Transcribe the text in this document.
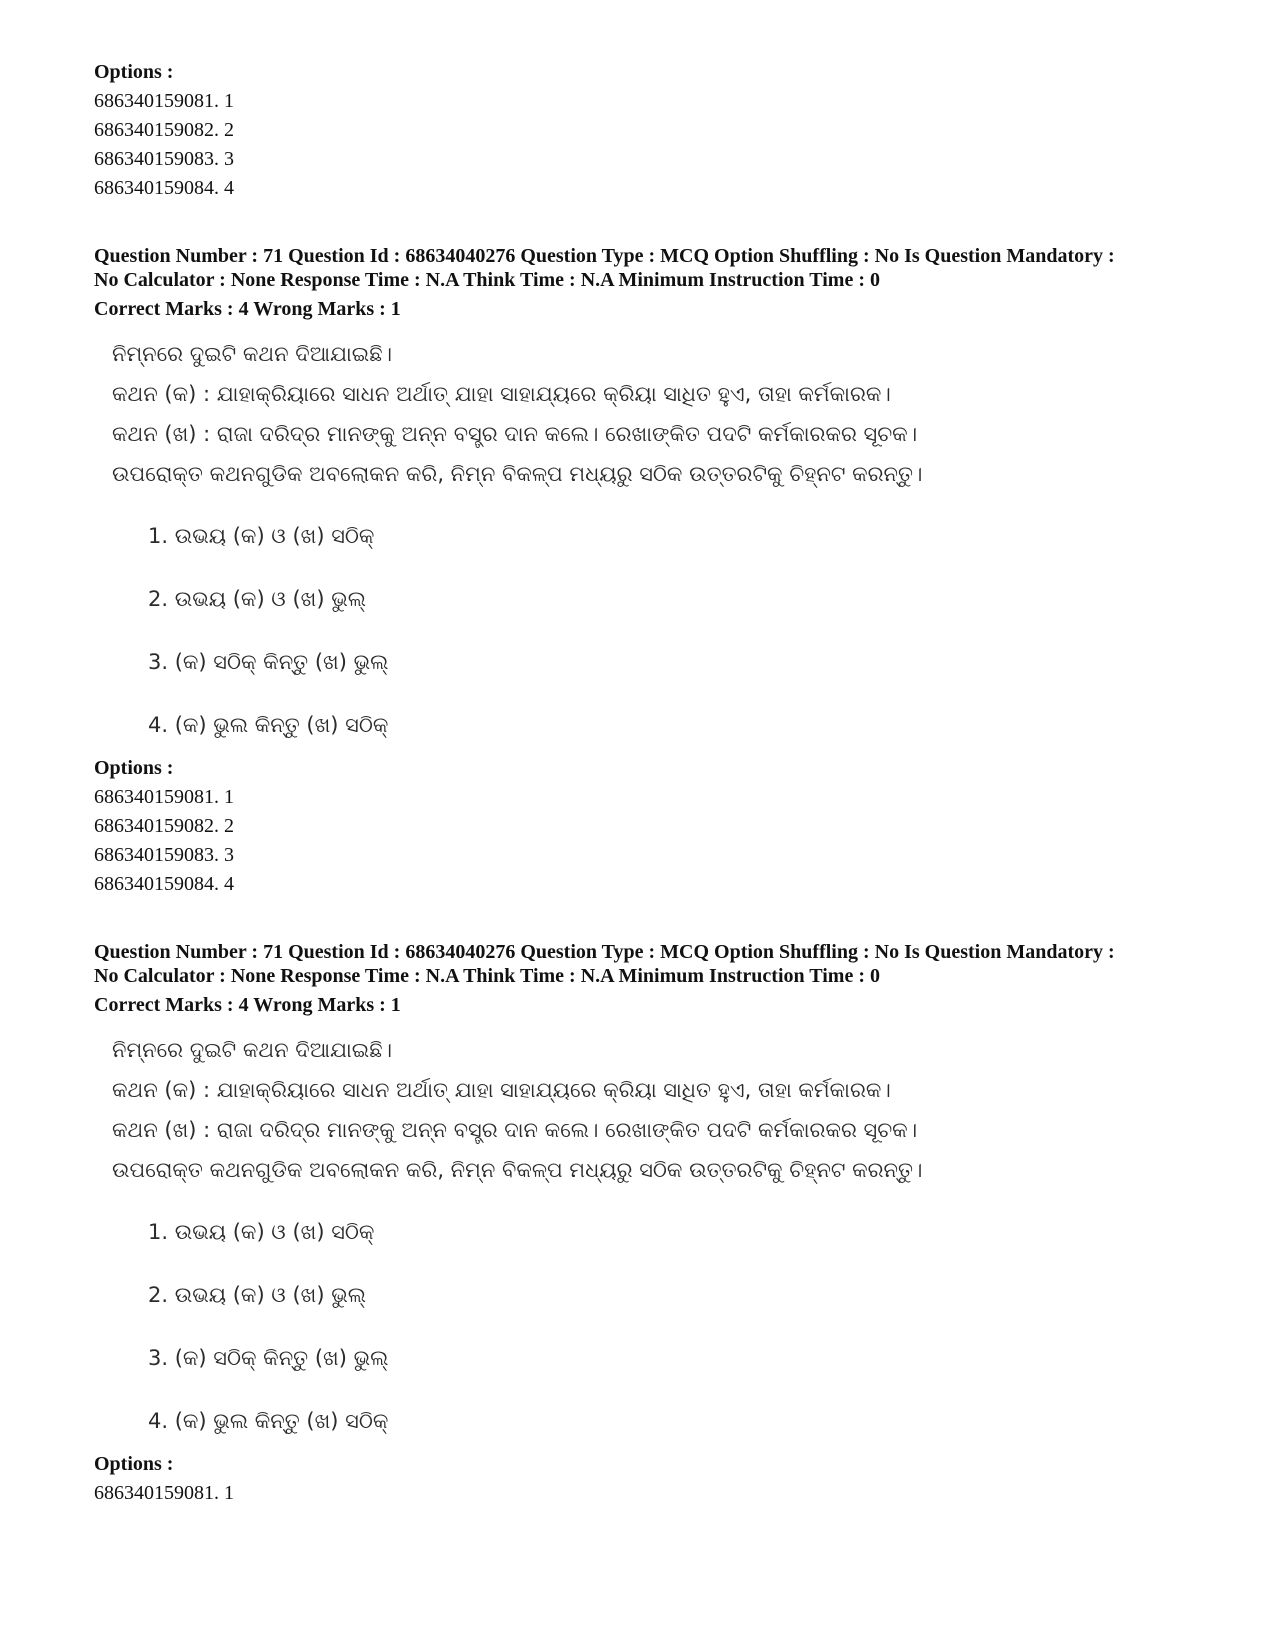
Options :
686340159081. 1
686340159082. 2
686340159083. 3
686340159084. 4

Question Number : 71 Question Id : 68634040276 Question Type : MCQ Option Shuffling : No Is Question Mandatory :

No Calculator : None Response Time : N.A Think Time : N.A Minimum Instruction Time : 0

Correct Marks : 4 Wrong Marks : 1

ନିମ୍ନରେ ଦୁଇଟି କଥନ ଦିଆଯାଇଛି।
କଥନ (କ) : ଯାହାକ୍ରିୟାରେ ସାଧନ ଅର୍ଥାତ୍ ଯାହା ସାହାଯ୍ୟରେ କ୍ରିୟା ସାଧିତ ହୁଏ, ତାହା କର୍ମକାରକ।
କଥନ (ଖ) : ରାଜା ଦରିଦ୍ର ମାନଙ୍କୁ ଅନ୍ନ ବସ୍ତ୍ର ଦାନ କଲେ। ରେଖାଙ୍କିତ ପଦଟି କର୍ମକାରକର ସୂଚକ।
ଉପରୋକ୍ତ କଥନଗୁଡିକ ଅବଲୋକନ କରି, ନିମ୍ନ ବିକଳ୍ପ ମଧ୍ୟରୁ ସଠିକ ଉତ୍ତରଟିକୁ ଚିହ୍ନଟ କରନ୍ତୁ।
1. ଉଭୟ (କ) ଓ (ଖ) ସଠିକ୍
2. ଉଭୟ (କ) ଓ (ଖ) ଭୁଲ୍
3. (କ) ସଠିକ୍ କିନ୍ତୁ (ଖ) ଭୁଲ୍
4. (କ) ଭୁଲ କିନ୍ତୁ (ଖ) ସଠିକ୍
Options :
686340159081. 1
686340159082. 2
686340159083. 3
686340159084. 4

Question Number : 71 Question Id : 68634040276 Question Type : MCQ Option Shuffling : No Is Question Mandatory :

No Calculator : None Response Time : N.A Think Time : N.A Minimum Instruction Time : 0

Correct Marks : 4 Wrong Marks : 1

ନିମ୍ନରେ ଦୁଇଟି କଥନ ଦିଆଯାଇଛି।
କଥନ (କ) : ଯାହାକ୍ରିୟାରେ ସାଧନ ଅର୍ଥାତ୍ ଯାହା ସାହାଯ୍ୟରେ କ୍ରିୟା ସାଧିତ ହୁଏ, ତାହା କର୍ମକାରକ।
କଥନ (ଖ) : ରାଜା ଦରିଦ୍ର ମାନଙ୍କୁ ଅନ୍ନ ବସ୍ତ୍ର ଦାନ କଲେ। ରେଖାଙ୍କିତ ପଦଟି କର୍ମକାରକର ସୂଚକ।
ଉପରୋକ୍ତ କଥନଗୁଡିକ ଅବଲୋକନ କରି, ନିମ୍ନ ବିକଳ୍ପ ମଧ୍ୟରୁ ସଠିକ ଉତ୍ତରଟିକୁ ଚିହ୍ନଟ କରନ୍ତୁ।
1. ଉଭୟ (କ) ଓ (ଖ) ସଠିକ୍
2. ଉଭୟ (କ) ଓ (ଖ) ଭୁଲ୍
3. (କ) ସଠିକ୍ କିନ୍ତୁ (ଖ) ଭୁଲ୍
4. (କ) ଭୁଲ କିନ୍ତୁ (ଖ) ସଠିକ୍
Options :
686340159081. 1
